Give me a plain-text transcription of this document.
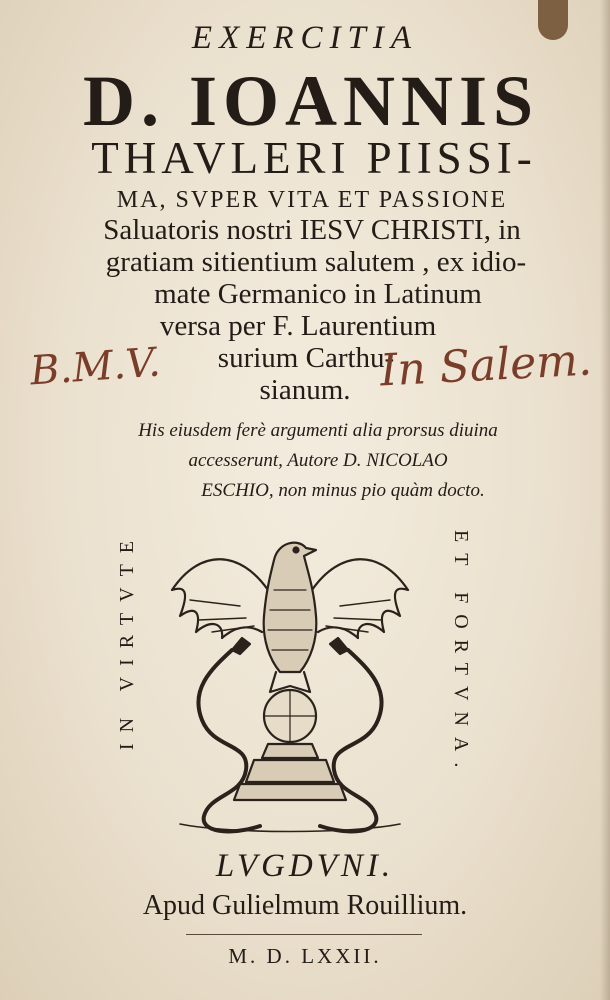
EXERCITIA

D. IOANNIS

THAVLERI PIISSI-

MA, SVPER VITA ET PASSIONE

Saluatoris nostri IESV CHRISTI, in

gratiam sitientium salutem , ex idio-

mate Germanico in Latinum

versa per F. Laurentium

surium Carthu-

sianum.

B.M.V.	In Salem.

His eiusdem ferè argumenti alia prorsus diuina

accesserunt, Autore D. NICOLAO

ESCHIO, non minus pio quàm docto.

IN VIRTVTE	ET FORTVNA.

LVGDVNI.

Apud Gulielmum Rouillium.

M. D. LXXII.
